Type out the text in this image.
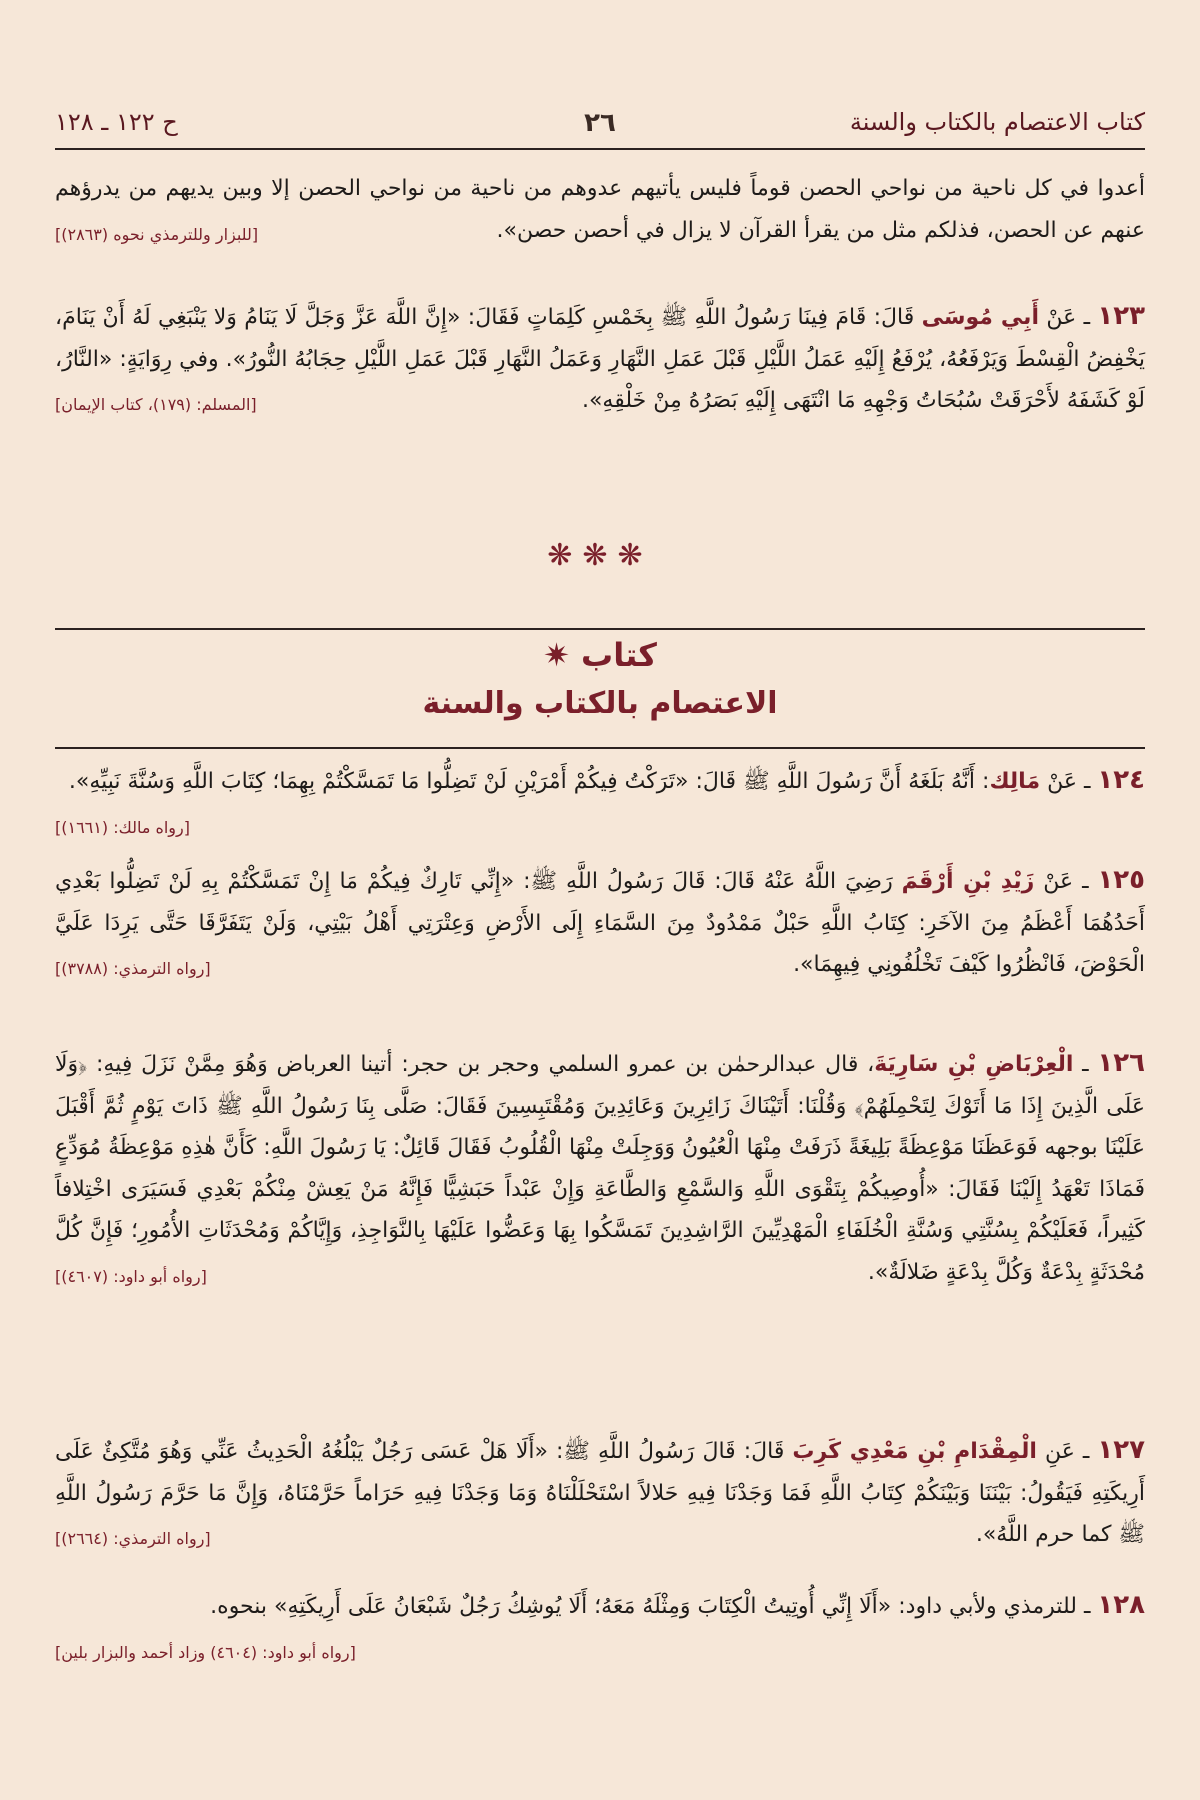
كتاب الاعتصام بالكتاب والسنة
٢٦
ح ١٢٢ ـ ١٢٨

أعدوا في كل ناحية من نواحي الحصن قوماً فليس يأتيهم عدوهم من ناحية من نواحي الحصن إلا وبين يديهم من يدرؤهم عنهم عن الحصن، فذلكم مثل من يقرأ القرآن لا يزال في أحصن حصن».
[للبزار وللترمذي نحوه (٢٨٦٣)]

١٢٣ ـ عَنْ أَبِي مُوسَى قَالَ: قَامَ فِينَا رَسُولُ اللَّهِ ﷺ بِخَمْسِ كَلِمَاتٍ فَقَالَ: «إِنَّ اللَّهَ عَزَّ وَجَلَّ لَا يَنَامُ وَلا يَنْبَغِي لَهُ أَنْ يَنَامَ، يَخْفِضُ الْقِسْطَ وَيَرْفَعُهُ، يُرْفَعُ إِلَيْهِ عَمَلُ اللَّيْلِ قَبْلَ عَمَلِ النَّهَارِ وَعَمَلُ النَّهَارِ قَبْلَ عَمَلِ اللَّيْلِ حِجَابُهُ النُّورُ». وفي رِوَايَةٍ: «النَّارُ، لَوْ كَشَفَهُ لأَحْرَقَتْ سُبُحَاتُ وَجْهِهِ مَا انْتَهَى إِلَيْهِ بَصَرُهُ مِنْ خَلْقِهِ».
[المسلم: (١٧٩)، كتاب الإيمان]

❋❋❋
✷ كتاب
الاعتصام بالكتاب والسنة

١٢٤ ـ عَنْ مَالِك: أَنَّهُ بَلَغَهُ أَنَّ رَسُولَ اللَّهِ ﷺ قَالَ: «تَرَكْتُ فِيكُمْ أَمْرَيْنِ لَنْ تَضِلُّوا مَا تَمَسَّكْتُمْ بِهِمَا؛ كِتَابَ اللَّهِ وَسُنَّةَ نَبِيِّهِ».
[رواه مالك: (١٦٦١)]

١٢٥ ـ عَنْ زَيْدِ بْنِ أَرْقَمَ رَضِيَ اللَّهُ عَنْهُ قَالَ: قَالَ رَسُولُ اللَّهِ ﷺ: «إِنِّي تَارِكٌ فِيكُمْ مَا إِنْ تَمَسَّكْتُمْ بِهِ لَنْ تَضِلُّوا بَعْدِي أَحَدُهُمَا أَعْظَمُ مِنَ الآخَرِ: كِتَابُ اللَّهِ حَبْلٌ مَمْدُودٌ مِنَ السَّمَاءِ إِلَى الأَرْضِ وَعِتْرَتِي أَهْلُ بَيْتِي، وَلَنْ يَتَفَرَّقَا حَتَّى يَرِدَا عَلَيَّ الْحَوْضَ، فَانْظُرُوا كَيْفَ تَخْلُفُونِي فِيهِمَا».
[رواه الترمذي: (٣٧٨٨)]

١٢٦ ـ الْعِرْبَاضِ بْنِ سَارِيَةَ، قال عبدالرحمٰن بن عمرو السلمي وحجر بن حجر: أتينا العرباض وَهُوَ مِمَّنْ نَزَلَ فِيهِ: ﴿وَلَا عَلَى الَّذِينَ إِذَا مَا أَتَوْكَ لِتَحْمِلَهُمْ﴾ وَقُلْنَا: أَتَيْنَاكَ زَائِرِينَ وَعَائِدِينَ وَمُقْتَبِسِينَ فَقَالَ: صَلَّى بِنَا رَسُولُ اللَّهِ ﷺ ذَاتَ يَوْمٍ ثُمَّ أَقْبَلَ عَلَيْنَا بوجهه فَوَعَظَنَا مَوْعِظَةً بَلِيغَةً ذَرَفَتْ مِنْهَا الْعُيُونُ وَوَجِلَتْ مِنْهَا الْقُلُوبُ فَقَالَ قَائِلٌ: يَا رَسُولَ اللَّهِ: كَأَنَّ هٰذِهِ مَوْعِظَةُ مُوَدِّعٍ فَمَاذَا تَعْهَدُ إِلَيْنَا فَقَالَ: «أُوصِيكُمْ بِتَقْوَى اللَّهِ وَالسَّمْعِ وَالطَّاعَةِ وَإِنْ عَبْداً حَبَشِيًّا فَإِنَّهُ مَنْ يَعِشْ مِنْكُمْ بَعْدِي فَسَيَرَى اخْتِلافاً كَثِيراً، فَعَلَيْكُمْ بِسُنَّتِي وَسُنَّةِ الْخُلَفَاءِ الْمَهْدِيِّينَ الرَّاشِدِينَ تَمَسَّكُوا بِهَا وَعَضُّوا عَلَيْهَا بِالنَّوَاجِذِ، وَإِيَّاكُمْ وَمُحْدَثَاتِ الأُمُورِ؛ فَإِنَّ كُلَّ مُحْدَثَةٍ بِدْعَةٌ وَكُلَّ بِدْعَةٍ ضَلالَةٌ».
[رواه أبو داود: (٤٦٠٧)]

١٢٧ ـ عَنِ الْمِقْدَامِ بْنِ مَعْدِي كَرِبَ قَالَ: قَالَ رَسُولُ اللَّهِ ﷺ: «أَلَا هَلْ عَسَى رَجُلٌ يَبْلُغُهُ الْحَدِيثُ عَنِّي وَهُوَ مُتَّكِئٌ عَلَى أَرِيكَتِهِ فَيَقُولُ: بَيْنَنَا وَبَيْنَكُمْ كِتَابُ اللَّهِ فَمَا وَجَدْنَا فِيهِ حَلالاً اسْتَحْلَلْنَاهُ وَمَا وَجَدْنَا فِيهِ حَرَاماً حَرَّمْنَاهُ، وَإِنَّ مَا حَرَّمَ رَسُولُ اللَّهِ ﷺ كما حرم اللَّهُ».
[رواه الترمذي: (٢٦٦٤)]

١٢٨ ـ للترمذي ولأبي داود: «أَلَا إِنِّي أُوتِيتُ الْكِتَابَ وَمِثْلَهُ مَعَهُ؛ أَلَا يُوشِكُ رَجُلٌ شَبْعَانُ عَلَى أَرِيكَتِهِ» بنحوه.
[رواه أبو داود: (٤٦٠٤) وزاد أحمد والبزار بلين]
